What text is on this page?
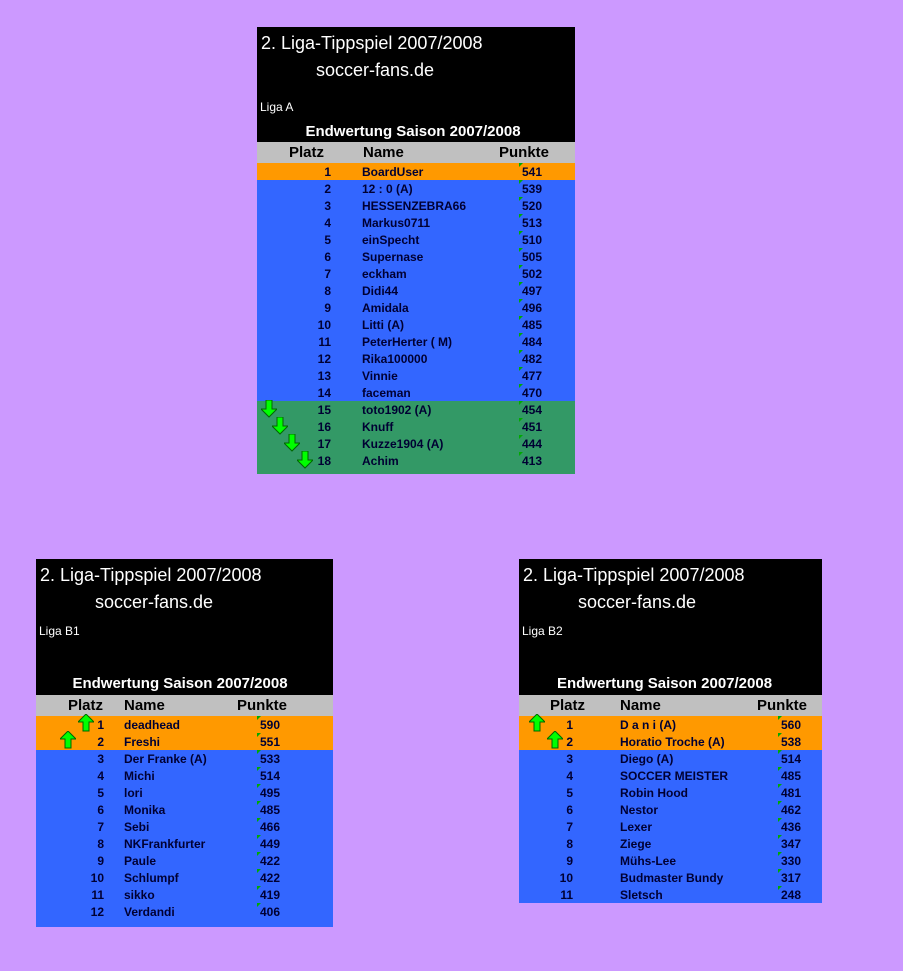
2. Liga-Tippspiel 2007/2008
soccer-fans.de
Liga A
Endwertung Saison 2007/2008
Platz	Name	Punkte
1	BoardUser	541
2	12 : 0 (A)	539
3	HESSENZEBRA66	520
4	Markus0711	513
5	einSpecht	510
6	Supernase	505
7	eckham	502
8	Didi44	497
9	Amidala	496
10	Litti (A)	485
11	PeterHerter ( M)	484
12	Rika100000	482
13	Vinnie	477
14	faceman	470
15	toto1902 (A)	454
16	Knuff	451
17	Kuzze1904 (A)	444
18	Achim	413
2. Liga-Tippspiel 2007/2008
soccer-fans.de
Liga B1
Endwertung Saison 2007/2008
Platz Name	Punkte
1 deadhead	590
2 Freshi	551
3 Der Franke (A)	533
4 Michi	514
5 lori	495
6 Monika	485
7 Sebi	466
8 NKFrankfurter	449
9 Paule	422
10 Schlumpf	422
11 sikko	419
12 Verdandi	406
2. Liga-Tippspiel 2007/2008
soccer-fans.de
Liga B2
Endwertung Saison 2007/2008
Platz Name	Punkte
1	D a n i (A)	560
2	Horatio Troche (A)	538
3	Diego (A)	514
4	SOCCER MEISTER	485
5	Robin Hood	481
6	Nestor	462
7	Lexer	436
8	Ziege	347
9	Mühs-Lee	330
10	Budmaster Bundy	317
11	Sletsch	248
